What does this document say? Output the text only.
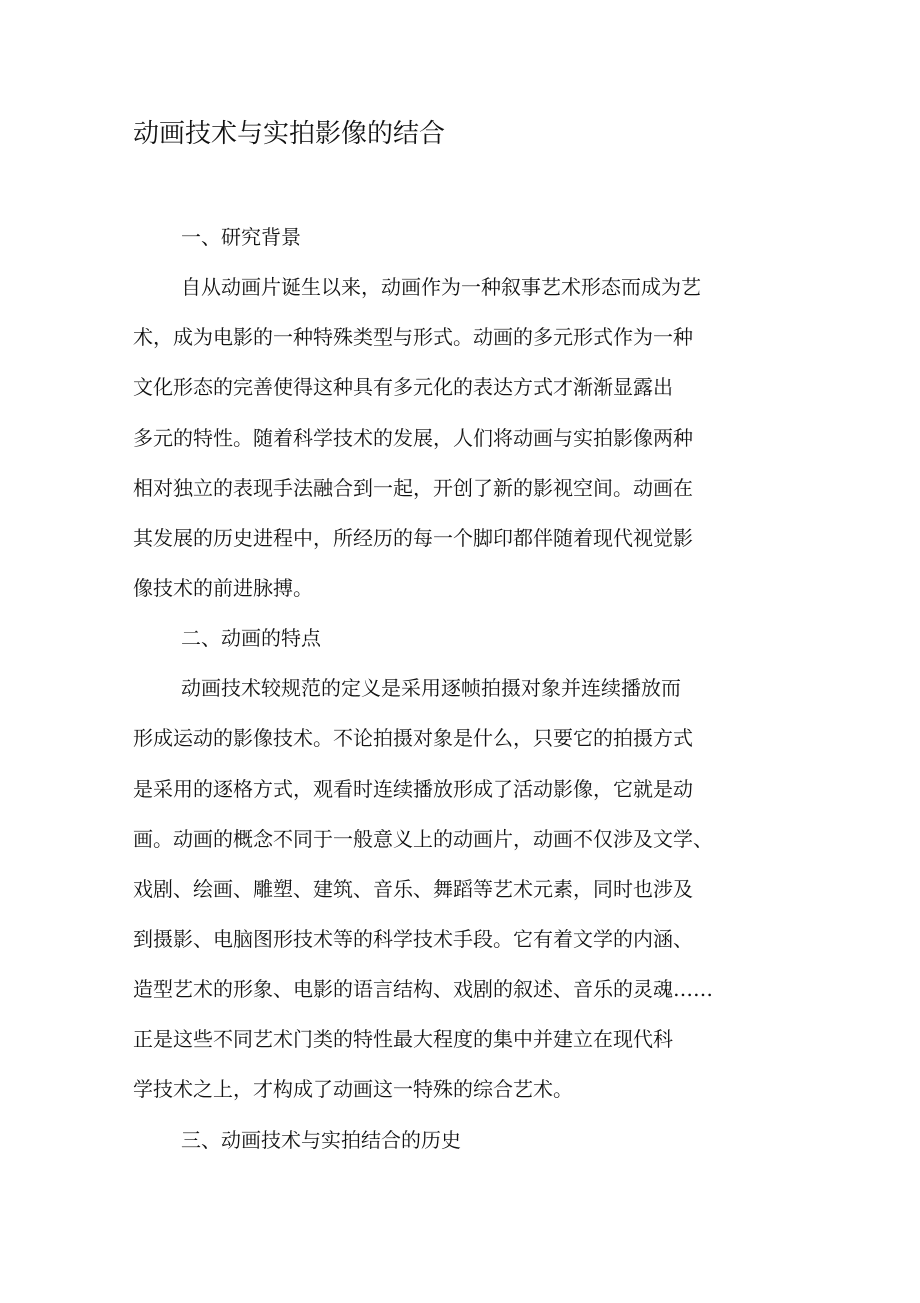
动画技术与实拍影像的结合
一、研究背景
自从动画片诞生以来，动画作为一种叙事艺术形态而成为艺
术，成为电影的一种特殊类型与形式。动画的多元形式作为一种
文化形态的完善使得这种具有多元化的表达方式才渐渐显露出
多元的特性。随着科学技术的发展，人们将动画与实拍影像两种
相对独立的表现手法融合到一起，开创了新的影视空间。动画在
其发展的历史进程中，所经历的每一个脚印都伴随着现代视觉影
像技术的前进脉搏。
二、动画的特点
动画技术较规范的定义是采用逐帧拍摄对象并连续播放而
形成运动的影像技术。不论拍摄对象是什么，只要它的拍摄方式
是采用的逐格方式，观看时连续播放形成了活动影像，它就是动
画。动画的概念不同于一般意义上的动画片，动画不仅涉及文学、
戏剧、绘画、雕塑、建筑、音乐、舞蹈等艺术元素，同时也涉及
到摄影、电脑图形技术等的科学技术手段。它有着文学的内涵、
造型艺术的形象、电影的语言结构、戏剧的叙述、音乐的灵魂……
正是这些不同艺术门类的特性最大程度的集中并建立在现代科
学技术之上，才构成了动画这一特殊的综合艺术。
三、动画技术与实拍结合的历史
